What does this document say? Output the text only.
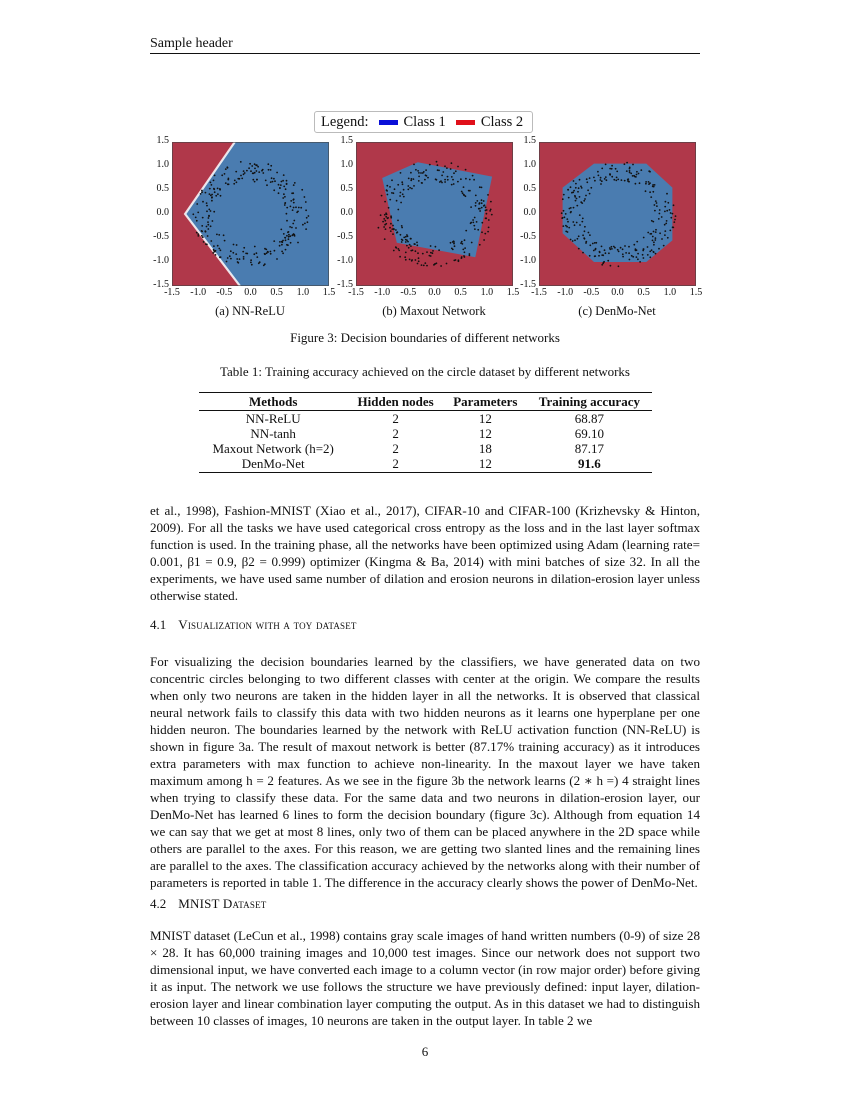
Sample header
Legend: Class 1 Class 2
(a) NN-ReLU	(b) Maxout Network	(c) DenMo-Net
1.5
1.0
0.5
0.0
-0.5
-1.0
-1.5
-1.5	-1.0	-0.5	0.0	0.5	1.0	1.5
1.5
1.0
0.5
0.0
-0.5
-1.0
-1.5
-1.5	-1.0	-0.5	0.0	0.5	1.0	1.5
1.5
1.0
0.5
0.0
-0.5
-1.0
-1.5
-1.5	-1.0	-0.5	0.0	0.5	1.0	1.5
Figure 3: Decision boundaries of different networks
Table 1: Training accuracy achieved on the circle dataset by different networks
Methods	Hidden nodes	Parameters	Training accuracy
NN-ReLU	2	12	68.87
NN-tanh	2	12	69.10
Maxout Network (h=2)	2	18	87.17
DenMo-Net	2	12	91.6
et al., 1998), Fashion-MNIST (Xiao et al., 2017), CIFAR-10 and CIFAR-100 (Krizhevsky & Hinton, 2009). For all the tasks we have used categorical cross entropy as the loss and in the last layer softmax function is used. In the training phase, all the networks have been optimized using Adam (learning rate= 0.001, β1 = 0.9, β2 = 0.999) optimizer (Kingma & Ba, 2014) with mini batches of size 32. In all the experiments, we have used same number of dilation and erosion neurons in dilation-erosion layer unless otherwise stated.
4.1 Visualization with a toy dataset
For visualizing the decision boundaries learned by the classifiers, we have generated data on two concentric circles belonging to two different classes with center at the origin. We compare the results when only two neurons are taken in the hidden layer in all the networks. It is observed that classical neural network fails to classify this data with two hidden neurons as it learns one hyperplane per one hidden neuron. The boundaries learned by the network with ReLU activation function (NN-ReLU) is shown in figure 3a. The result of maxout network is better (87.17% training accuracy) as it introduces extra parameters with max function to achieve non-linearity. In the maxout layer we have taken maximum among h = 2 features. As we see in the figure 3b the network learns (2 ∗ h =) 4 straight lines when trying to classify these data. For the same data and two neurons in dilation-erosion layer, our DenMo-Net has learned 6 lines to form the decision boundary (figure 3c). Although from equation 14 we can say that we get at most 8 lines, only two of them can be placed anywhere in the 2D space while others are parallel to the axes. For this reason, we are getting two slanted lines and the remaining lines are parallel to the axes. The classification accuracy achieved by the networks along with their number of parameters is reported in table 1. The difference in the accuracy clearly shows the power of DenMo-Net.
4.2 MNIST Dataset
MNIST dataset (LeCun et al., 1998) contains gray scale images of hand written numbers (0-9) of size 28 × 28. It has 60,000 training images and 10,000 test images. Since our network does not support two dimensional input, we have converted each image to a column vector (in row major order) before giving it as input. The network we use follows the structure we have previously defined: input layer, dilation-erosion layer and linear combination layer computing the output. As in this dataset we had to distinguish between 10 classes of images, 10 neurons are taken in the output layer. In table 2 we
6
